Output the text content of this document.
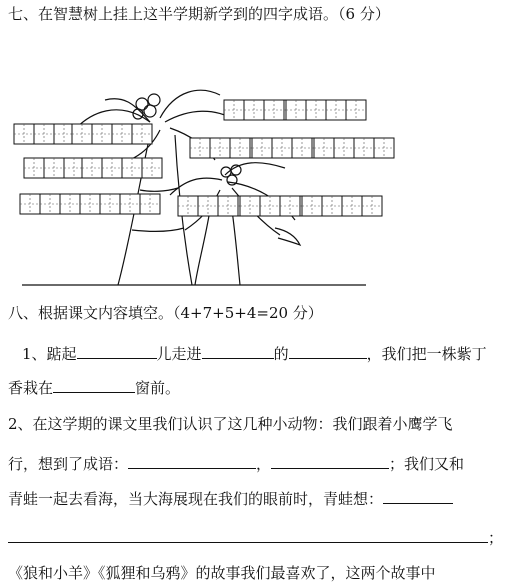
七、在智慧树上挂上这半学期新学到的四字成语。（6 分）
八、根据课文内容填空。（4+7+5+4=20 分）
1、踮起	儿走进	的	，我们把一株紫丁
香栽在	窗前。
2、在这学期的课文里我们认识了这几种小动物：我们跟着小鹰学飞
行，想到了成语：	，	；我们又和
青蛙一起去看海，当大海展现在我们的眼前时，青蛙想：
；
《狼和小羊》《狐狸和乌鸦》的故事我们最喜欢了，这两个故事中
